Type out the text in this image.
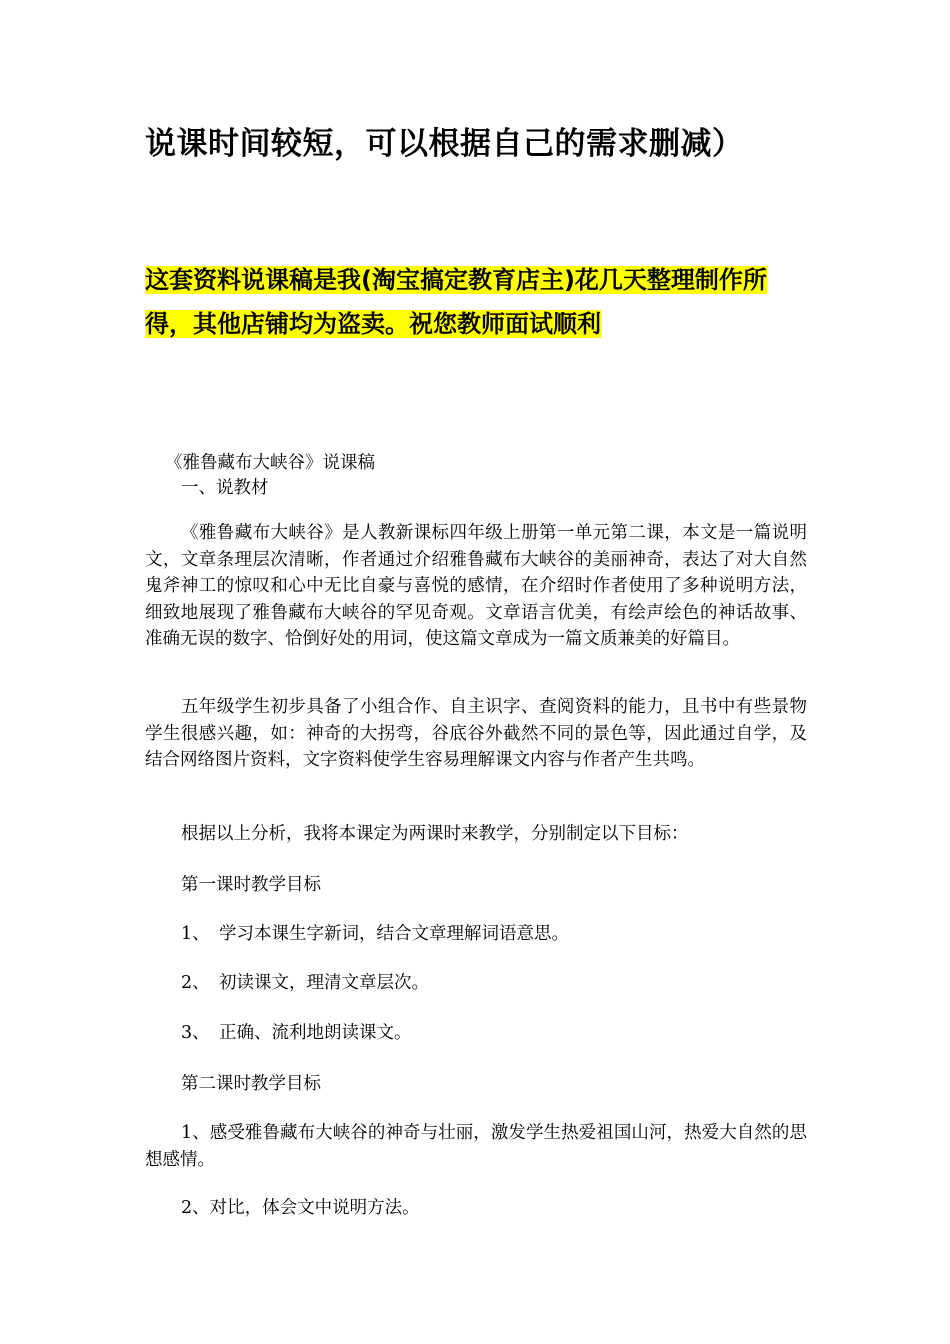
说课时间较短，可以根据自己的需求删减）
这套资料说课稿是我(淘宝搞定教育店主)花几天整理制作所
得，其他店铺均为盗卖。祝您教师面试顺利
《雅鲁藏布大峡谷》说课稿
一、说教材
《雅鲁藏布大峡谷》是人教新课标四年级上册第一单元第二课，本文是一篇说明文，文章条理层次清晰，作者通过介绍雅鲁藏布大峡谷的美丽神奇，表达了对大自然鬼斧神工的惊叹和心中无比自豪与喜悦的感情，在介绍时作者使用了多种说明方法，细致地展现了雅鲁藏布大峡谷的罕见奇观。文章语言优美，有绘声绘色的神话故事、准确无误的数字、恰倒好处的用词，使这篇文章成为一篇文质兼美的好篇目。
五年级学生初步具备了小组合作、自主识字、查阅资料的能力，且书中有些景物学生很感兴趣，如：神奇的大拐弯，谷底谷外截然不同的景色等，因此通过自学，及结合网络图片资料，文字资料使学生容易理解课文内容与作者产生共鸣。
根据以上分析，我将本课定为两课时来教学，分别制定以下目标：
第一课时教学目标
1、 学习本课生字新词，结合文章理解词语意思。
2、 初读课文，理清文章层次。
3、 正确、流利地朗读课文。
第二课时教学目标
1、感受雅鲁藏布大峡谷的神奇与壮丽，激发学生热爱祖国山河，热爱大自然的思想感情。
2、对比，体会文中说明方法。
